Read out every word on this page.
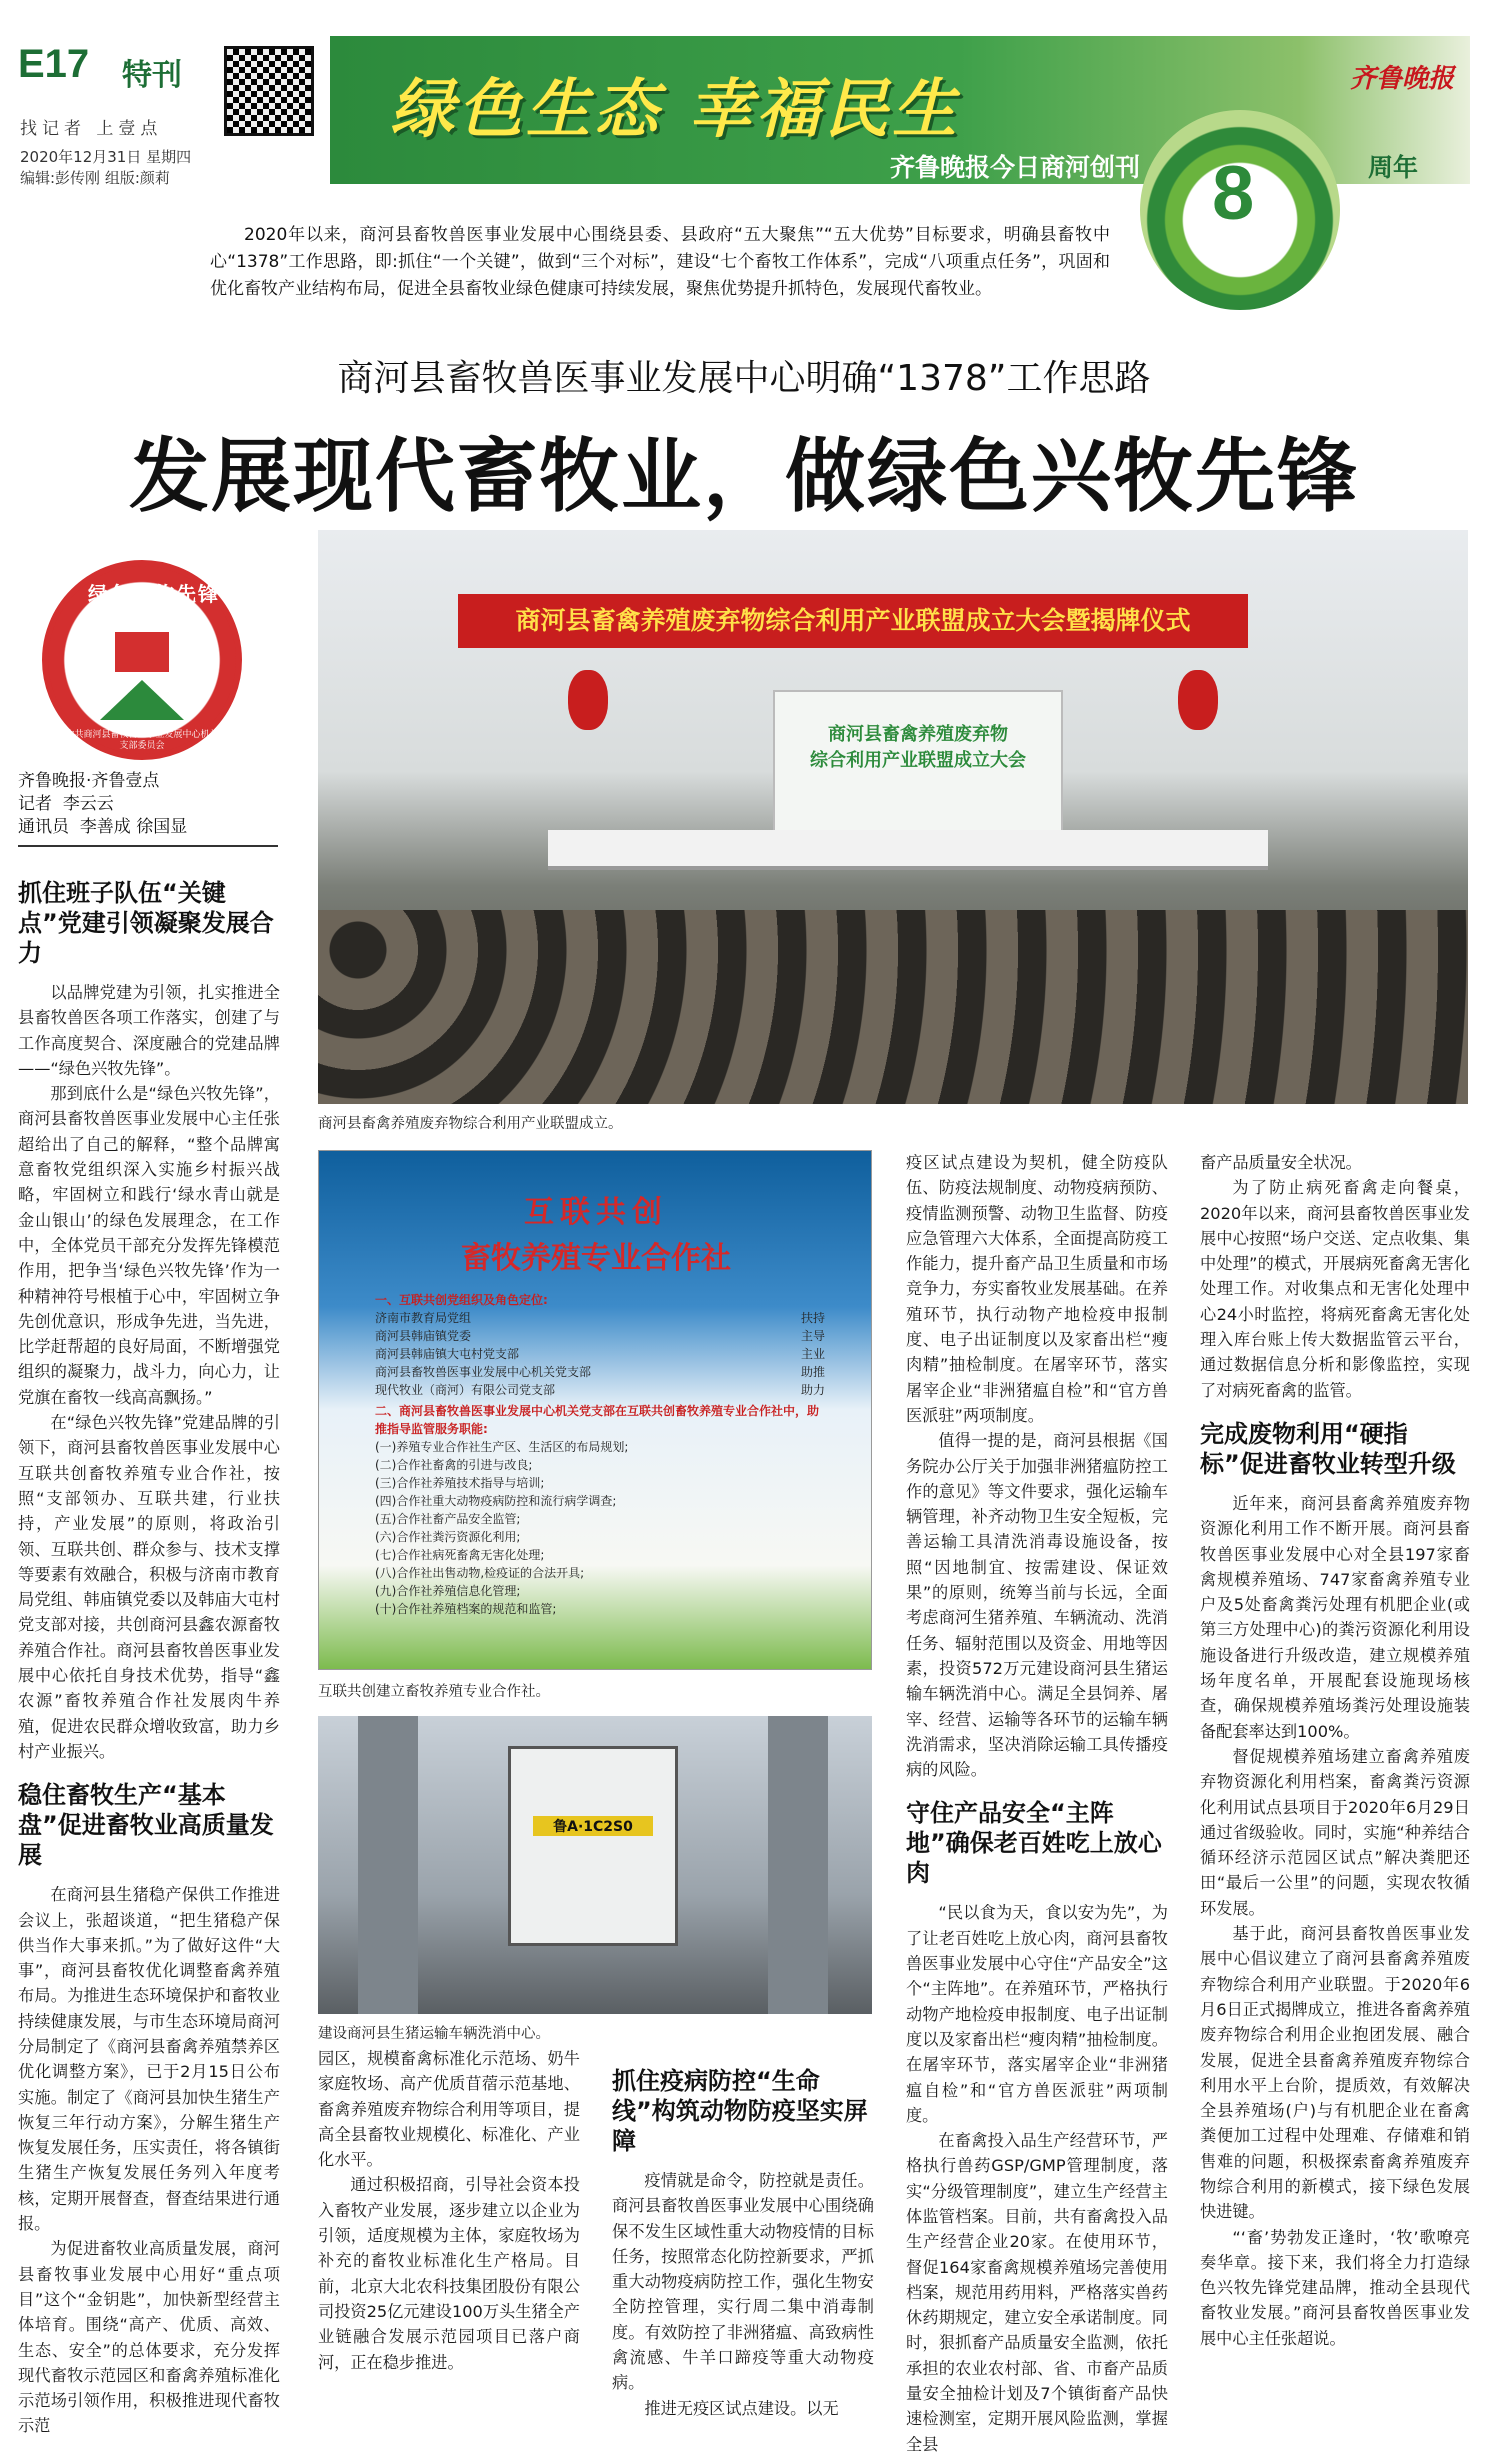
E17 特刊
找记者 上壹点
2020年12月31日 星期四
编辑:彭传刚 组版:颜莉
绿色生态 幸福民生
齐鲁晚报今日商河创刊
齐鲁晚报
8	周年
2020年以来，商河县畜牧兽医事业发展中心围绕县委、县政府“五大聚焦”“五大优势”目标要求，明确县畜牧中心“1378”工作思路，即:抓住“一个关键”，做到“三个对标”，建设“七个畜牧工作体系”，完成“八项重点任务”，巩固和优化畜牧产业结构布局，促进全县畜牧业绿色健康可持续发展，聚焦优势提升抓特色，发展现代畜牧业。
商河县畜牧兽医事业发展中心明确“1378”工作思路
发展现代畜牧业，做绿色兴牧先锋
绿色兴牧先锋
中共商河县畜牧兽医事业发展中心机关支部委员会
齐鲁晚报·齐鲁壹点
记者 李云云
通讯员 李善成 徐国显
抓住班子队伍“关键点”党建引领凝聚发展合力

以品牌党建为引领，扎实推进全县畜牧兽医各项工作落实，创建了与工作高度契合、深度融合的党建品牌——“绿色兴牧先锋”。

那到底什么是“绿色兴牧先锋”，商河县畜牧兽医事业发展中心主任张超给出了自己的解释，“整个品牌寓意畜牧党组织深入实施乡村振兴战略，牢固树立和践行‘绿水青山就是金山银山’的绿色发展理念，在工作中，全体党员干部充分发挥先锋模范作用，把争当‘绿色兴牧先锋’作为一种精神符号根植于心中，牢固树立争先创优意识，形成争先进，当先进，比学赶帮超的良好局面，不断增强党组织的凝聚力，战斗力，向心力，让党旗在畜牧一线高高飘扬。”

在“绿色兴牧先锋”党建品牌的引领下，商河县畜牧兽医事业发展中心互联共创畜牧养殖专业合作社，按照“支部领办、互联共建，行业扶持，产业发展”的原则，将政治引领、互联共创、群众参与、技术支撑等要素有效融合，积极与济南市教育局党组、韩庙镇党委以及韩庙大屯村党支部对接，共创商河县鑫农源畜牧养殖合作社。商河县畜牧兽医事业发展中心依托自身技术优势，指导“鑫农源”畜牧养殖合作社发展肉牛养殖，促进农民群众增收致富，助力乡村产业振兴。

稳住畜牧生产“基本盘”促进畜牧业高质量发展

在商河县生猪稳产保供工作推进会议上，张超谈道，“把生猪稳产保供当作大事来抓。”为了做好这件“大事”，商河县畜牧优化调整畜禽养殖布局。为推进生态环境保护和畜牧业持续健康发展，与市生态环境局商河分局制定了《商河县畜禽养殖禁养区优化调整方案》，已于2月15日公布实施。制定了《商河县加快生猪生产恢复三年行动方案》，分解生猪生产恢复发展任务，压实责任，将各镇街生猪生产恢复发展任务列入年度考核，定期开展督查，督查结果进行通报。

为促进畜牧业高质量发展，商河县畜牧事业发展中心用好“重点项目”这个“金钥匙”，加快新型经营主体培育。围绕“高产、优质、高效、生态、安全”的总体要求，充分发挥现代畜牧示范园区和畜禽养殖标准化示范场引领作用，积极推进现代畜牧示范

商河县畜禽养殖废弃物综合利用产业联盟成立大会暨揭牌仪式
商河县畜禽养殖废弃物
综合利用产业联盟成立大会
商河县畜禽养殖废弃物综合利用产业联盟成立。
互联共创
畜牧养殖专业合作社
一、互联共创党组织及角色定位:
济南市教育局党组	扶持
商河县韩庙镇党委	主导
商河县韩庙镇大屯村党支部	主业
商河县畜牧兽医事业发展中心机关党支部	助推
现代牧业（商河）有限公司党支部	助力
二、商河县畜牧兽医事业发展中心机关党支部在互联共创畜牧养殖专业合作社中，助推指导监管服务职能:
(一)养殖专业合作社生产区、生活区的布局规划;
(二)合作社畜禽的引进与改良;
(三)合作社养殖技术指导与培训;
(四)合作社重大动物疫病防控和流行病学调查;
(五)合作社畜产品安全监管;
(六)合作社粪污资源化利用;
(七)合作社病死畜禽无害化处理;
(八)合作社出售动物,检疫证的合法开具;
(九)合作社养殖信息化管理;
(十)合作社养殖档案的规范和监管;
互联共创建立畜牧养殖专业合作社。
鲁A·1C2S0
建设商河县生猪运输车辆洗消中心。

园区，规模畜禽标准化示范场、奶牛家庭牧场、高产优质苜蓿示范基地、畜禽养殖废弃物综合利用等项目，提高全县畜牧业规模化、标准化、产业化水平。

通过积极招商，引导社会资本投入畜牧产业发展，逐步建立以企业为引领，适度规模为主体，家庭牧场为补充的畜牧业标准化生产格局。目前，北京大北农科技集团股份有限公司投资25亿元建设100万头生猪全产业链融合发展示范园项目已落户商河，正在稳步推进。

抓住疫病防控“生命线”构筑动物防疫坚实屏障

疫情就是命令，防控就是责任。商河县畜牧兽医事业发展中心围绕确保不发生区域性重大动物疫情的目标任务，按照常态化防控新要求，严抓重大动物疫病防控工作，强化生物安全防控管理，实行周二集中消毒制度。有效防控了非洲猪瘟、高致病性禽流感、牛羊口蹄疫等重大动物疫病。

推进无疫区试点建设。以无

疫区试点建设为契机，健全防疫队伍、防疫法规制度、动物疫病预防、疫情监测预警、动物卫生监督、防疫应急管理六大体系，全面提高防疫工作能力，提升畜产品卫生质量和市场竞争力，夯实畜牧业发展基础。在养殖环节，执行动物产地检疫申报制度、电子出证制度以及家畜出栏“瘦肉精”抽检制度。在屠宰环节，落实屠宰企业“非洲猪瘟自检”和“官方兽医派驻”两项制度。

值得一提的是，商河县根据《国务院办公厅关于加强非洲猪瘟防控工作的意见》等文件要求，强化运输车辆管理，补齐动物卫生安全短板，完善运输工具清洗消毒设施设备，按照“因地制宜、按需建设、保证效果”的原则，统筹当前与长远，全面考虑商河生猪养殖、车辆流动、洗消任务、辐射范围以及资金、用地等因素，投资572万元建设商河县生猪运输车辆洗消中心。满足全县饲养、屠宰、经营、运输等各环节的运输车辆洗消需求，坚决消除运输工具传播疫病的风险。

守住产品安全“主阵地”确保老百姓吃上放心肉

“民以食为天，食以安为先”，为了让老百姓吃上放心肉，商河县畜牧兽医事业发展中心守住“产品安全”这个“主阵地”。在养殖环节，严格执行动物产地检疫申报制度、电子出证制度以及家畜出栏“瘦肉精”抽检制度。在屠宰环节，落实屠宰企业“非洲猪瘟自检”和“官方兽医派驻”两项制度。

在畜禽投入品生产经营环节，严格执行兽药GSP/GMP管理制度，落实“分级管理制度”，建立生产经营主体监管档案。目前，共有畜禽投入品生产经营企业20家。在使用环节，督促164家畜禽规模养殖场完善使用档案，规范用药用料，严格落实兽药休药期规定，建立安全承诺制度。同时，狠抓畜产品质量安全监测，依托承担的农业农村部、省、市畜产品质量安全抽检计划及7个镇街畜产品快速检测室，定期开展风险监测，掌握全县

畜产品质量安全状况。

为了防止病死畜禽走向餐桌，2020年以来，商河县畜牧兽医事业发展中心按照“场户交送、定点收集、集中处理”的模式，开展病死畜禽无害化处理工作。对收集点和无害化处理中心24小时监控，将病死畜禽无害化处理入库台账上传大数据监管云平台，通过数据信息分析和影像监控，实现了对病死畜禽的监管。

完成废物利用“硬指标”促进畜牧业转型升级

近年来，商河县畜禽养殖废弃物资源化利用工作不断开展。商河县畜牧兽医事业发展中心对全县197家畜禽规模养殖场、747家畜禽养殖专业户及5处畜禽粪污处理有机肥企业(或第三方处理中心)的粪污资源化利用设施设备进行升级改造，建立规模养殖场年度名单，开展配套设施现场核查，确保规模养殖场粪污处理设施装备配套率达到100%。

督促规模养殖场建立畜禽养殖废弃物资源化利用档案，畜禽粪污资源化利用试点县项目于2020年6月29日通过省级验收。同时，实施“种养结合循环经济示范园区试点”解决粪肥还田“最后一公里”的问题，实现农牧循环发展。

基于此，商河县畜牧兽医事业发展中心倡议建立了商河县畜禽养殖废弃物综合利用产业联盟。于2020年6月6日正式揭牌成立，推进各畜禽养殖废弃物综合利用企业抱团发展、融合发展，促进全县畜禽养殖废弃物综合利用水平上台阶，提质效，有效解决全县养殖场(户)与有机肥企业在畜禽粪便加工过程中处理难、存储难和销售难的问题，积极探索畜禽养殖废弃物综合利用的新模式，接下绿色发展快进键。

“‘畜’势勃发正逢时，‘牧’歌嘹亮奏华章。接下来，我们将全力打造绿色兴牧先锋党建品牌，推动全县现代畜牧业发展。”商河县畜牧兽医事业发展中心主任张超说。
